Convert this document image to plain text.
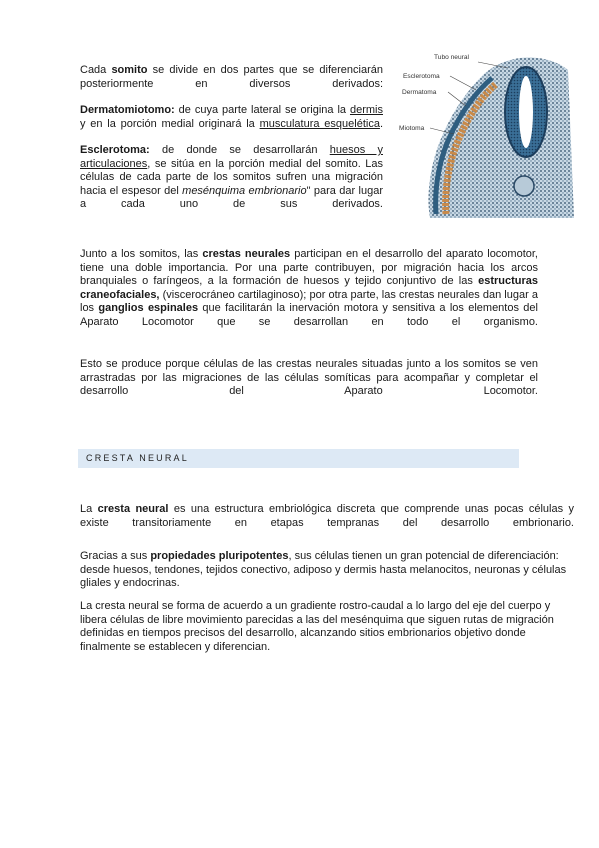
Cada somito se divide en dos partes que se diferenciarán posteriormente en diversos derivados:

Dermatomiotomo: de cuya parte lateral se origina la dermis y en la porción medial originará la musculatura esquelética.

Esclerotoma: de donde se desarrollarán huesos y articulaciones, se sitúa en la porción medial del somito. Las células de cada parte de los somitos sufren una migración hacia el espesor del mesénquima embrionario" para dar lugar a cada uno de sus derivados.

Tubo neural
Esclerotoma
Dermatoma
Miotoma

Junto a los somitos, las crestas neurales participan en el desarrollo del aparato locomotor, tiene una doble importancia. Por una parte contribuyen, por migración hacia los arcos branquiales o faríngeos, a la formación de huesos y tejido conjuntivo de las estructuras craneofaciales, (viscerocráneo cartilaginoso); por otra parte, las crestas neurales dan lugar a los ganglios espinales que facilitarán la inervación motora y sensitiva a los elementos del Aparato Locomotor que se desarrollan en todo el organismo.

Esto se produce porque células de las crestas neurales situadas junto a los somitos se ven arrastradas por las migraciones de las células somíticas para acompañar y completar el desarrollo del Aparato Locomotor.

CRESTA NEURAL

La cresta neural es una estructura embriológica discreta que comprende unas pocas células y existe transitoriamente en etapas tempranas del desarrollo embrionario.

Gracias a sus propiedades pluripotentes, sus células tienen un gran potencial de diferenciación: desde huesos, tendones, tejidos conectivo, adiposo y dermis hasta melanocitos, neuronas y células gliales y endocrinas.

La cresta neural se forma de acuerdo a un gradiente rostro-caudal a lo largo del eje del cuerpo y libera células de libre movimiento parecidas a las del mesénquima que siguen rutas de migración definidas en tiempos precisos del desarrollo, alcanzando sitios embrionarios objetivo donde finalmente se establecen y diferencian.
